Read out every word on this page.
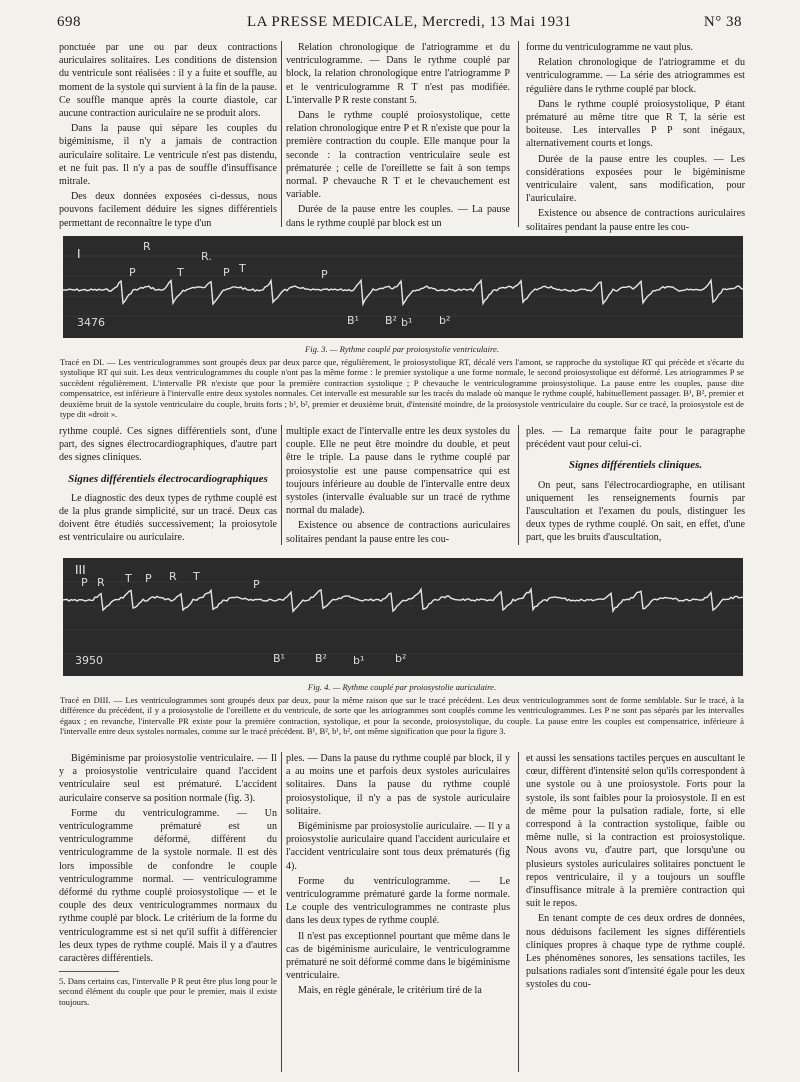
698	LA PRESSE MEDICALE, Mercredi, 13 Mai 1931	N° 38

ponctuée par une ou par deux contractions auriculaires solitaires. Les conditions de distension du ventricule sont réalisées : il y a fuite et souffle, au moment de la systole qui survient à la fin de la pause. Ce souffle manque après la courte diastole, car aucune contraction auriculaire ne se produit alors.

Dans la pause qui sépare les couples du bigéminisme, il n'y a jamais de contraction auriculaire solitaire. Le ventricule n'est pas distendu, et ne fuit pas. Il n'y a pas de souffle d'insuffisance mitrale.

Des deux données exposées ci-dessus, nous pouvons facilement déduire les signes différentiels permettant de reconnaître le type d'un

Relation chronologique de l'atriogramme et du ventriculogramme. — Dans le rythme couplé par block, la relation chronologique entre l'atriogramme P et le ventriculogramme R T n'est pas modifiée. L'intervalle P R reste constant 5.

Dans le rythme couplé proiosystolique, cette relation chronologique entre P et R n'existe que pour la première contraction du couple. Elle manque pour la seconde : la contraction ventriculaire seule est prématurée ; celle de l'oreillette se fait à son temps normal. P chevauche R T et le chevauchement est variable.

Durée de la pause entre les couples. — La pause dans le rythme couplé par block est un

forme du ventriculogramme ne vaut plus.

Relation chronologique de l'atriogramme et du ventriculogramme. — La série des atriogrammes est régulière dans le rythme couplé par block.

Dans le rythme couplé proiosystolique, P étant prématuré au même titre que R T, la série est boiteuse. Les intervalles P P sont inégaux, alternativement courts et longs.

Durée de la pause entre les couples. — Les considérations exposées pour le bigéminisme ventriculaire valent, sans modification, pour l'auriculaire.

Existence ou absence de contractions auriculaires solitaires pendant la pause entre les cou-

I
R
R.
P	T	P T	P
3476	B¹ B² b¹ b²
Fig. 3. — Rythme couplé par proiosystolie ventriculaire.
Tracé en DI. — Les ventriculogrammes sont groupés deux par deux parce que, régulièrement, le proiosystolique RT, décalé vers l'amont, se rapproche du systolique RT qui précède et s'écarte du systolique RT qui suit. Les deux ventriculogrammes du couple n'ont pas la même forme : le premier systolique a une forme normale, le second proiosystolique est déformé. Les atriogrammes P se succèdent régulièrement. L'intervalle PR n'existe que pour la première contraction systolique ; P chevauche le ventriculogramme proiosystolique. La pause entre les couples, pause dite compensatrice, est inférieure à l'intervalle entre deux systoles normales. Cet intervalle est mesurable sur les tracés du malade où manque le rythme couplé, habituellement passager. B¹, B², premier et deuxième bruit de la systole ventriculaire du couple, bruits forts ; b¹, b², premier et deuxième bruit, d'intensité moindre, de la proiosystole ventriculaire du couple. Sur ce tracé, la proiosystole est de type dit «droit ».

rythme couplé. Ces signes différentiels sont, d'une part, des signes électrocardiographiques, d'autre part des signes cliniques.

Signes différentiels électrocardiographiques

Le diagnostic des deux types de rythme couplé est de la plus grande simplicité, sur un tracé. Deux cas doivent être étudiés successivement; la proiosytole est ventriculaire ou auriculaire.

multiple exact de l'intervalle entre les deux systoles du couple. Elle ne peut être moindre du double, et peut être le triple. La pause dans le rythme couplé par proiosystolie est une pause compensatrice qui est toujours inférieure au double de l'intervalle entre deux systoles (intervalle évaluable sur un tracé de rythme normal du malade).

Existence ou absence de contractions auriculaires solitaires pendant la pause entre les cou-

ples. — La remarque faite pour le paragraphe précédent vaut pour celui-ci.

Signes différentiels cliniques.

On peut, sans l'électrocardiographe, en utilisant uniquement les renseignements fournis par l'auscultation et l'examen du pouls, distinguer les deux types de rythme couplé. On sait, en effet, d'une part, que les bruits d'auscultation,

III
P R T P R T
P
3950	B¹	B² b¹	b²
Fig. 4. — Rythme couplé par proiosystolie auriculaire.
Tracé en DIII. — Les ventriculogrammes sont groupés deux par deux, pour la même raison que sur le tracé précédent. Les deux ventriculogrammes sont de forme semblable. Sur le tracé, à la différence du précédent, il y a proiosystolie de l'oreillette et du ventricule, de sorte que les atriogrammes sont couplés comme les ventriculogrammes. Les P ne sont pas séparés par les intervalles égaux ; en revanche, l'intervalle PR existe pour la première contraction, systolique, et pour la seconde, proiosystolique, du couple. La pause entre les couples est compensatrice, inférieure à l'intervalle entre deux systoles normales, comme sur le tracé précédent. B¹, B², b¹, b², ont même signification que pour la figure 3.

Bigéminisme par proiosystolie ventriculaire. — Il y a proiosystolie ventriculaire quand l'accident ventriculaire seul est prématuré. L'accident auriculaire conserve sa position normale (fig. 3).

Forme du ventriculogramme. — Un ventriculogramme prématuré est un ventriculogramme déformé, différent du ventriculogramme de la systole normale. Il est dès lors impossible de confondre le couple ventriculogramme normal. — ventriculogramme déformé du rythme couplé proiosystolique — et le couple des deux ventriculogrammes normaux du rythme couplé par block. Le critérium de la forme du ventriculogramme est si net qu'il suffit à différencier les deux types de rythme couplé. Mais il y a d'autres caractères différentiels.

5. Dans certains cas, l'intervalle P R peut être plus long pour le second élément du couple que pour le premier, mais il existe toujours.

ples. — Dans la pause du rythme couplé par block, il y a au moins une et parfois deux systoles auriculaires solitaires. Dans la pause du rythme couplé proiosystolique, il n'y a pas de systole auriculaire solitaire.

Bigéminisme par proiosystolie auriculaire. — Il y a proiosystolie auriculaire quand l'accident auriculaire et l'accident ventriculaire sont tous deux prématurés (fig 4).

Forme du ventriculogramme. — Le ventriculogramme prématuré garde la forme normale. Le couple des ventriculogrammes ne contraste plus dans les deux types de rythme couplé.

Il n'est pas exceptionnel pourtant que même dans le cas de bigéminisme auriculaire, le ventriculogramme prématuré ne soit déformé comme dans le bigéminisme ventriculaire.

Mais, en règle générale, le critérium tiré de la

et aussi les sensations tactiles perçues en auscultant le cœur, diffèrent d'intensité selon qu'ils correspondent à une systole ou à une proiosystole. Forts pour la systole, ils sont faibles pour la proiosystole. Il en est de même pour la pulsation radiale, forte, si elle correspond à la contraction systolique, faible ou même nulle, si la contraction est proiosystolique. Nous avons vu, d'autre part, que lorsqu'une ou plusieurs systoles auriculaires solitaires ponctuent le repos ventriculaire, il y a toujours un souffle d'insuffisance mitrale à la première contraction qui suit le repos.

En tenant compte de ces deux ordres de données, nous déduisons facilement les signes différentiels cliniques propres à chaque type de rythme couplé. Les phénomènes sonores, les sensations tactiles, les pulsations radiales sont d'intensité égale pour les deux systoles du cou-
